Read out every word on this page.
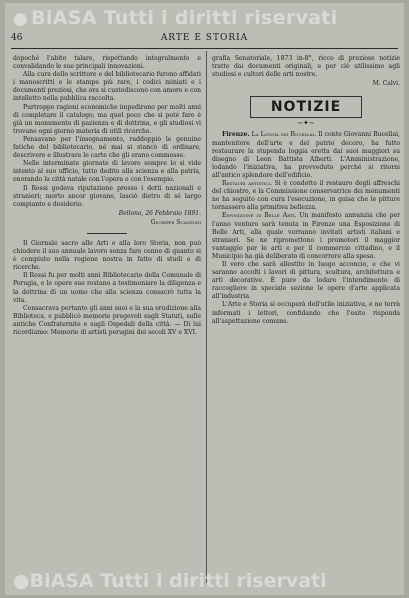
● BiASA Tutti i diritti riservati
46	ARTE E STORIA

dopoché l'abito talare, rispettando integralmente e convalidando le sue principali innovazioni.

Alla cura dello scrittore e del bibliotecario furono affidati i manoscritti e le stampe più rare, i codici miniati e i documenti preziosi, che ora si custodiscono con amore e con intelletto nella pubblica raccolta.

Purtroppo ragioni economiche impedirono per molti anni di completare il catalogo; ma quel poco che si poté fare è già un monumento di pazienza e di dottrina, e gli studiosi vi trovano ogni giorno materia di utili ricerche.

Pensavano per l'insegnamento, raddoppiò le genuine fatiche del bibliotecario, né mai si stancò di ordinare, descrivere e illustrare le carte che gli erano commesse.

Nelle interminate giornate di lavoro sempre lo si vide intento al suo ufficio, tutto dedito alla scienza e alla patria, onorando la città natale con l'opera e con l'esempio.

Il Rossi godeva riputazione presso i dotti nazionali e stranieri; morto ancor giovane, lasciò dietro di sé largo compianto e desiderio.

Bellona, 26 Febbraio 1891.
Giuseppe Scanzoni

Il Giornale sacro alle Arti e alla loro Storia, non può chiudere il suo annuale lavoro senza fare cenno di quanto si è compiuto nella regione nostra in fatto di studi e di ricerche.

Il Rossi fu per molti anni Bibliotecario della Comunale di Perugia, e le opere sue restano a testimoniare la diligenza e la dottrina di un uomo che alla scienza consacrò tutta la vita.

Consacrava pertanto gli anni suoi e la sua erudizione alla Biblioteca, e pubblicò memorie pregevoli sugli Statuti, sulle antiche Confraternite e sugli Ospedali della città. — Di lui ricordiamo: Memorie di artisti perugini dei secoli XV e XVI.

grafia Senatoriale, 1873 in-8°, ricco di preziose notizie tratte dai documenti originali, e per ciò utilissimo agli studiosi e cultori delle arti nostre.

M. Calvi.
NOTIZIE
∼✦∼

Firenze. La Loggia dei Rucellai. Il conte Giovanni Rucellai, mantenitore dell'arte e del patrio decoro, ha fatto restaurare la stupenda loggia eretta dai suoi maggiori su disegno di Leon Battista Alberti. L'Amministrazione, lodando l'iniziativa, ha provveduto perché si ritorni all'antico splendore dell'edificio.

Restauri artistici. Si è condotto il restauro degli affreschi del chiostro, e la Commissione conservatrice dei monumenti ne ha seguito con cura l'esecuzione, in guisa che le pitture tornassero alla primitiva bellezza.

Esposizione di Belle Arti. Un manifesto annunzia che per l'anno venturo sarà tenuta in Firenze una Esposizione di Belle Arti, alla quale verranno invitati artisti italiani e stranieri. Se ne ripromettono i promotori il maggior vantaggio per le arti e per il commercio cittadino, e il Municipio ha già deliberato di concorrere alla spesa.

Il vero che sarà allestito in luogo acconcio, e che vi saranno accolti i lavori di pittura, scultura, architettura e arti decorative. È pure da lodare l'intendimento di raccogliere in speciale sezione le opere d'arte applicata all'industria.

L'Arte e Storia si occuperà dell'utile iniziativa, e ne terrà informati i lettori, confidando che l'esito risponda all'aspettazione comune.

●BiASA Tutti i diritti riservati
